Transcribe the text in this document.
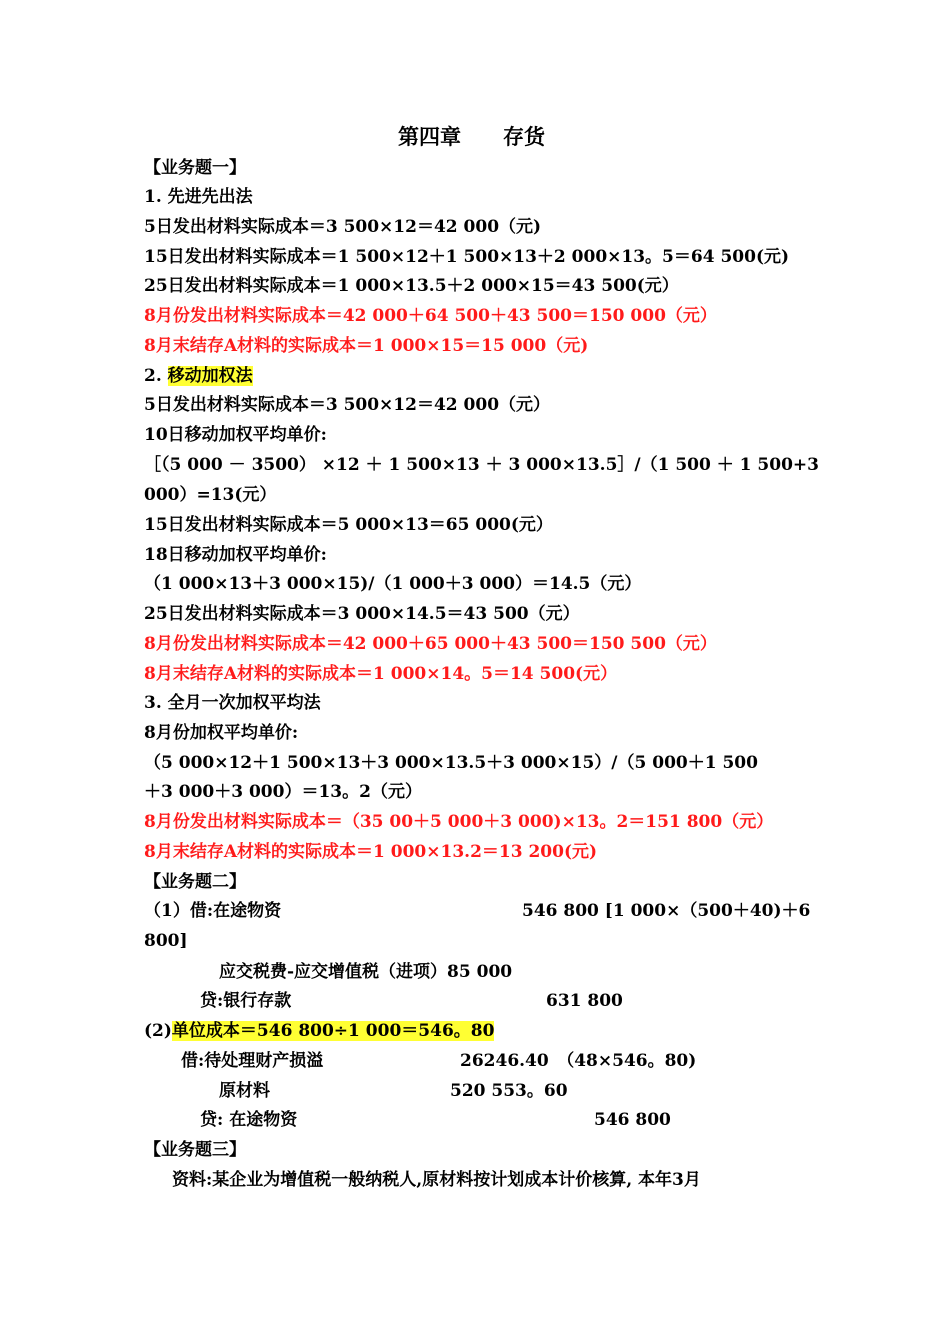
第四章　　存货
【业务题一】
1. 先进先出法
5日发出材料实际成本＝3 500×12＝42 000（元)
15日发出材料实际成本＝1 500×12＋1 500×13＋2 000×13。5＝64 500(元)
25日发出材料实际成本＝1 000×13.5＋2 000×15＝43 500(元）
8月份发出材料实际成本＝42 000＋64 500＋43 500＝150 000（元）
8月末结存A材料的实际成本＝1 000×15＝15 000（元)
2. 移动加权法
5日发出材料实际成本＝3 500×12＝42 000（元）
10日移动加权平均单价:
［（5 000 － 3500） ×12 ＋ 1 500×13 ＋ 3 000×13.5］/（1 500 ＋ 1 500+3
000）=13(元）
15日发出材料实际成本＝5 000×13＝65 000(元）
18日移动加权平均单价:
（1 000×13＋3 000×15)/（1 000＋3 000）＝14.5（元）
25日发出材料实际成本＝3 000×14.5＝43 500（元）
8月份发出材料实际成本＝42 000＋65 000＋43 500＝150 500（元）
8月末结存A材料的实际成本＝1 000×14。5＝14 500(元）
3. 全月一次加权平均法
8月份加权平均单价:
（5 000×12＋1 500×13＋3 000×13.5＋3 000×15）/（5 000＋1 500
＋3 000＋3 000）＝13。2（元）
8月份发出材料实际成本＝（35 00＋5 000＋3 000)×13。2＝151 800（元）
8月末结存A材料的实际成本＝1 000×13.2＝13 200(元)
【业务题二】
（1）借:在途物资	546 800 [1 000×（500＋40)＋6
800]
应交税费-应交增值税（进项）85 000
贷:银行存款	631 800
(2)单位成本＝546 800÷1 000＝546。80
借:待处理财产损溢	26246.40　（48×546。80)
原材料	520 553。60
贷: 在途物资	546 800
【业务题三】
资料:某企业为增值税一般纳税人,原材料按计划成本计价核算, 本年3月
